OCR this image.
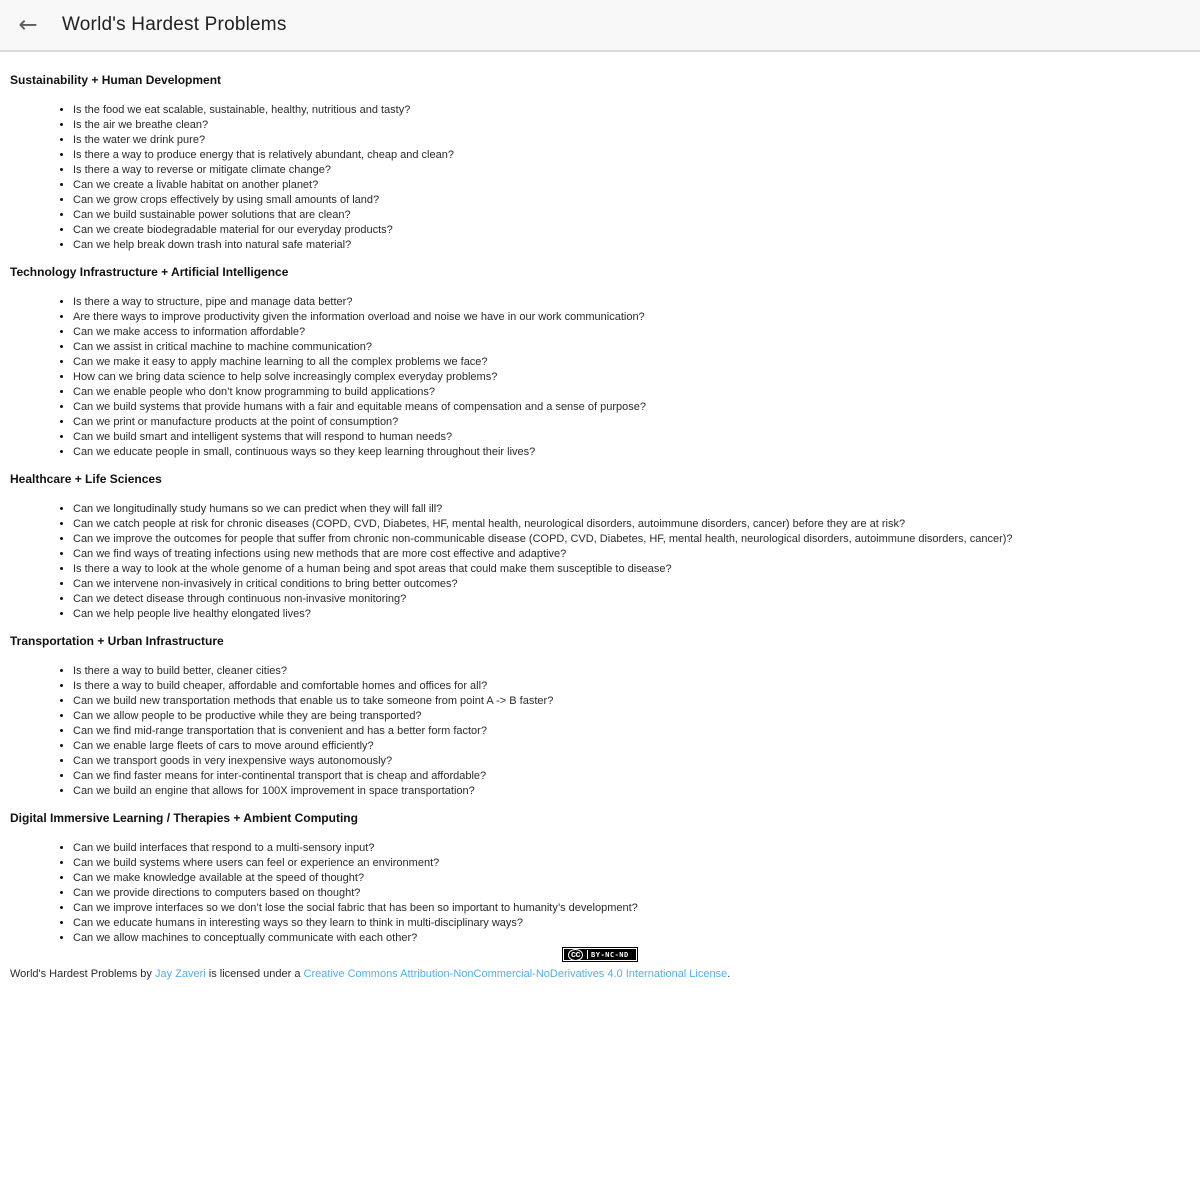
← World's Hardest Problems
Sustainability + Human Development
• Is the food we eat scalable, sustainable, healthy, nutritious and tasty?
• Is the air we breathe clean?
• Is the water we drink pure?
• Is there a way to produce energy that is relatively abundant, cheap and clean?
• Is there a way to reverse or mitigate climate change?
• Can we create a livable habitat on another planet?
• Can we grow crops effectively by using small amounts of land?
• Can we build sustainable power solutions that are clean?
• Can we create biodegradable material for our everyday products?
• Can we help break down trash into natural safe material?
Technology Infrastructure + Artificial Intelligence
• Is there a way to structure, pipe and manage data better?
• Are there ways to improve productivity given the information overload and noise we have in our work communication?
• Can we make access to information affordable?
• Can we assist in critical machine to machine communication?
• Can we make it easy to apply machine learning to all the complex problems we face?
• How can we bring data science to help solve increasingly complex everyday problems?
• Can we enable people who don’t know programming to build applications?
• Can we build systems that provide humans with a fair and equitable means of compensation and a sense of purpose?
• Can we print or manufacture products at the point of consumption?
• Can we build smart and intelligent systems that will respond to human needs?
• Can we educate people in small, continuous ways so they keep learning throughout their lives?
Healthcare + Life Sciences
• Can we longitudinally study humans so we can predict when they will fall ill?
• Can we catch people at risk for chronic diseases (COPD, CVD, Diabetes, HF, mental health, neurological disorders, autoimmune disorders, cancer) before they are at risk?
• Can we improve the outcomes for people that suffer from chronic non-communicable disease (COPD, CVD, Diabetes, HF, mental health, neurological disorders, autoimmune disorders, cancer)?
• Can we find ways of treating infections using new methods that are more cost effective and adaptive?
• Is there a way to look at the whole genome of a human being and spot areas that could make them susceptible to disease?
• Can we intervene non-invasively in critical conditions to bring better outcomes?
• Can we detect disease through continuous non-invasive monitoring?
• Can we help people live healthy elongated lives?
Transportation + Urban Infrastructure
• Is there a way to build better, cleaner cities?
• Is there a way to build cheaper, affordable and comfortable homes and offices for all?
• Can we build new transportation methods that enable us to take someone from point A -> B faster?
• Can we allow people to be productive while they are being transported?
• Can we find mid-range transportation that is convenient and has a better form factor?
• Can we enable large fleets of cars to move around efficiently?
• Can we transport goods in very inexpensive ways autonomously?
• Can we find faster means for inter-continental transport that is cheap and affordable?
• Can we build an engine that allows for 100X improvement in space transportation?
Digital Immersive Learning / Therapies + Ambient Computing
• Can we build interfaces that respond to a multi-sensory input?
• Can we build systems where users can feel or experience an environment?
• Can we make knowledge available at the speed of thought?
• Can we provide directions to computers based on thought?
• Can we improve interfaces so we don’t lose the social fabric that has been so important to humanity’s development?
• Can we educate humans in interesting ways so they learn to think in multi-disciplinary ways?
• Can we allow machines to conceptually communicate with each other?
cc	BY-NC-ND

World's Hardest Problems by Jay Zaveri is licensed under a Creative Commons Attribution-NonCommercial-NoDerivatives 4.0 International License.
